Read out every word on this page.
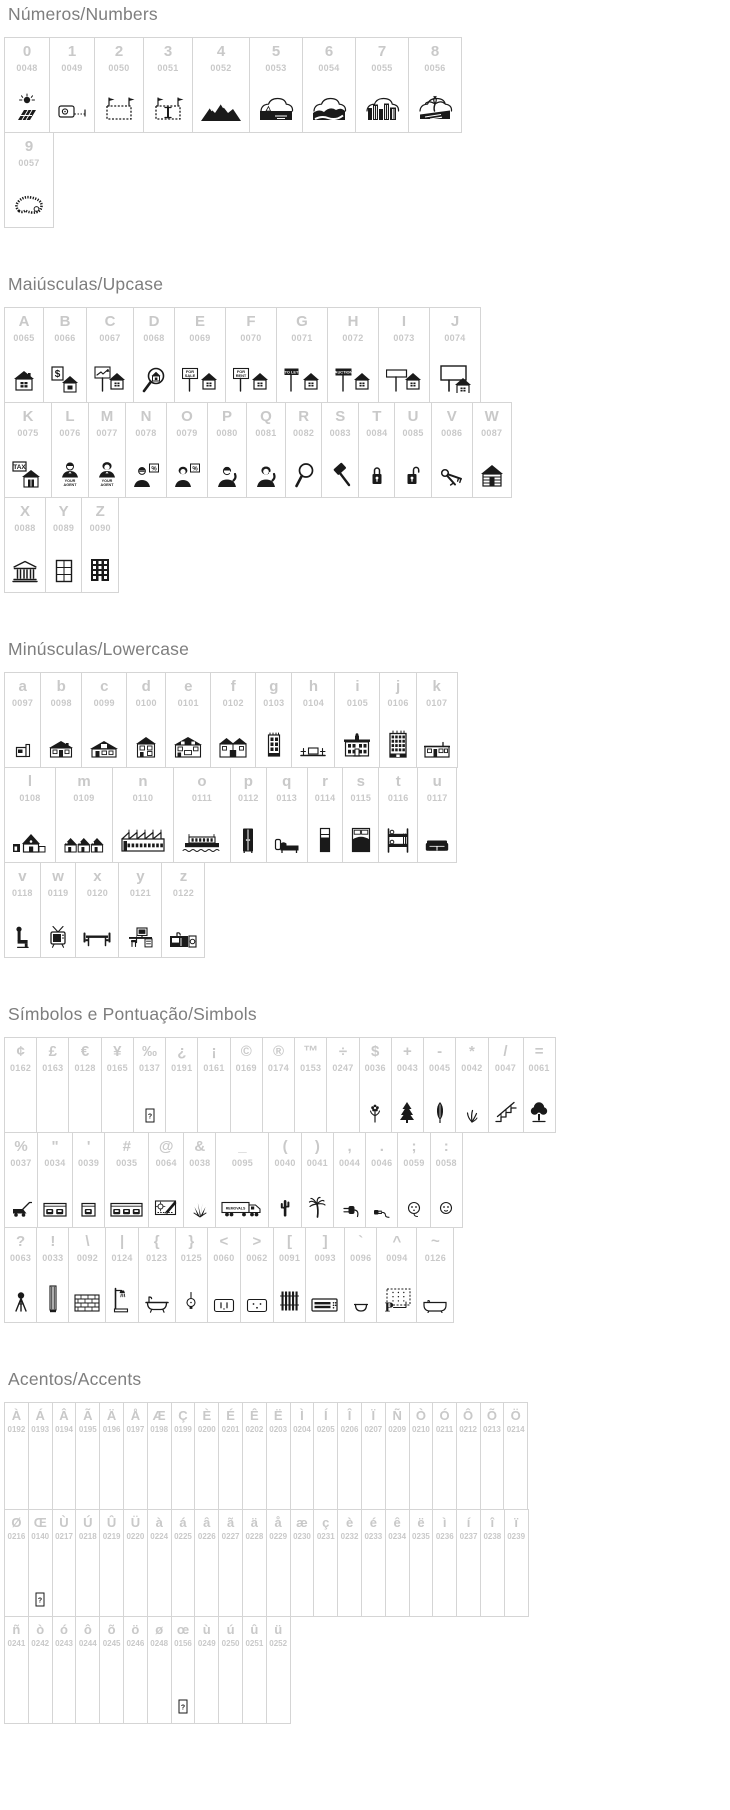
Números/Numbers
0
0048
1
0049
2
0050
3
0051
4
0052
5
0053
6
0054
7
0055
8
0056
9
0057
Maiúsculas/Upcase
A
0065
B
0066
$
C
0067
D
0068
E
0069
FOR
SALE
F
0070
FOR
RENT
G
0071
TO LET
H
0072
AUCTION
I
0073
J
0074
K
0075
TAX
L
0076
YOUR
AGENT
M
0077
YOUR
AGENT
N
0078
%
O
0079
%
P
0080
Q
0081
R
0082
S
0083
T
0084
U
0085
V
0086
W
0087
X
0088
Y
0089
Z
0090
Minúsculas/Lowercase
a
0097
b
0098
c
0099
d
0100
e
0101
f
0102
g
0103
h
0104
i
0105
j
0106
k
0107
l
0108
m
0109
n
0110
o
0111
p
0112
q
0113
r
0114
s
0115
t
0116
u
0117
v
0118
w
0119
x
0120
y
0121
z
0122
Símbolos e Pontuação/Simbols
¢
0162
£
0163
€
0128
¥
0165
‰
0137
?
¿
0191
¡
0161
©
0169
®
0174
™
0153
÷
0247
$
0036
+
0043
-
0045
*
0042
/
0047
=
0061
%
0037
"
0034
'
0039
#
0035
@
0064
&
0038
_
0095
REMOVALS
(
0040
)
0041
,
0044
.
0046
;
0059
:
0058
?
0063
!
0033
\
0092
|
0124
{
0123
}
0125
<
0060
>
0062
[
0091
]
0093
`
0096
^
0094
P
~
0126
Acentos/Accents
À
0192
Á
0193
Â
0194
Ã
0195
Ä
0196
Å
0197
Æ
0198
Ç
0199
È
0200
É
0201
Ê
0202
Ë
0203
Ì
0204
Í
0205
Î
0206
Ï
0207
Ñ
0209
Ò
0210
Ó
0211
Ô
0212
Õ
0213
Ö
0214
Ø
0216
Œ
0140
?
Ù
0217
Ú
0218
Û
0219
Ü
0220
à
0224
á
0225
â
0226
ã
0227
ä
0228
å
0229
æ
0230
ç
0231
è
0232
é
0233
ê
0234
ë
0235
ì
0236
í
0237
î
0238
ï
0239
ñ
0241
ò
0242
ó
0243
ô
0244
õ
0245
ö
0246
ø
0248
œ
0156
?
ù
0249
ú
0250
û
0251
ü
0252
